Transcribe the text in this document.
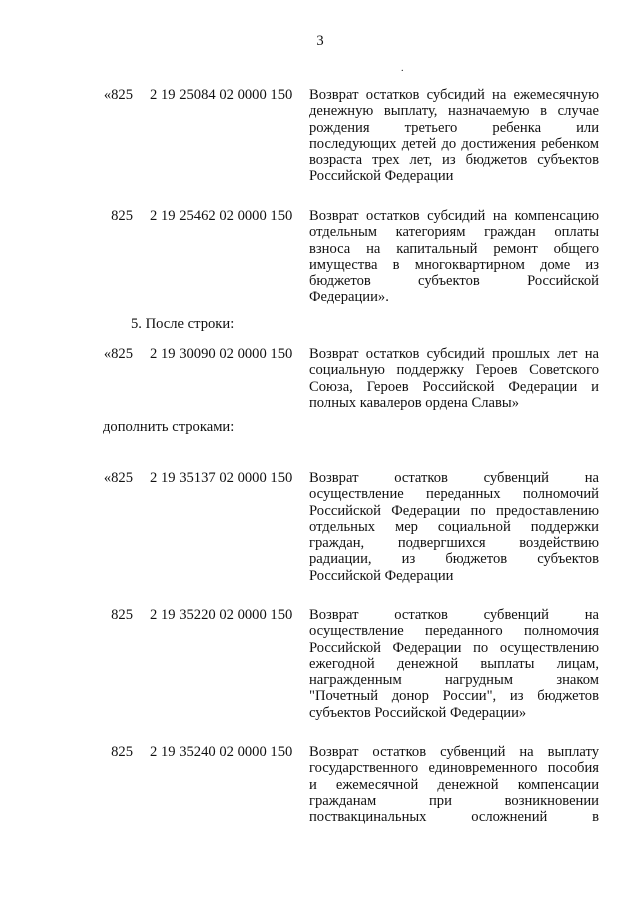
3
.
«825 2 19 25084 02 0000 150 Возврат остатков субсидий на ежемесячную
денежную выплату, назначаемую в случае
рождения третьего ребенка или
последующих детей до достижения ребенком
возраста трех лет, из бюджетов субъектов
Российской Федерации
825 2 19 25462 02 0000 150 Возврат остатков субсидий на компенсацию
отдельным категориям граждан оплаты
взноса на капитальный ремонт общего
имущества в многоквартирном доме из
бюджетов субъектов Российской
Федерации».
5. После строки:
«825 2 19 30090 02 0000 150 Возврат остатков субсидий прошлых лет на
социальную поддержку Героев Советского
Союза, Героев Российской Федерации и
полных кавалеров ордена Славы»
дополнить строками:
«825 2 19 35137 02 0000 150 Возврат остатков субвенций на
осуществление переданных полномочий
Российской Федерации по предоставлению
отдельных мер социальной поддержки
граждан, подвергшихся воздействию
радиации, из бюджетов субъектов
Российской Федерации
825 2 19 35220 02 0000 150 Возврат остатков субвенций на
осуществление переданного полномочия
Российской Федерации по осуществлению
ежегодной денежной выплаты лицам,
награжденным нагрудным знаком
"Почетный донор России", из бюджетов
субъектов Российской Федерации»
825 2 19 35240 02 0000 150 Возврат остатков субвенций на выплату
государственного единовременного пособия
и ежемесячной денежной компенсации
гражданам при возникновении
поствакцинальных осложнений в
